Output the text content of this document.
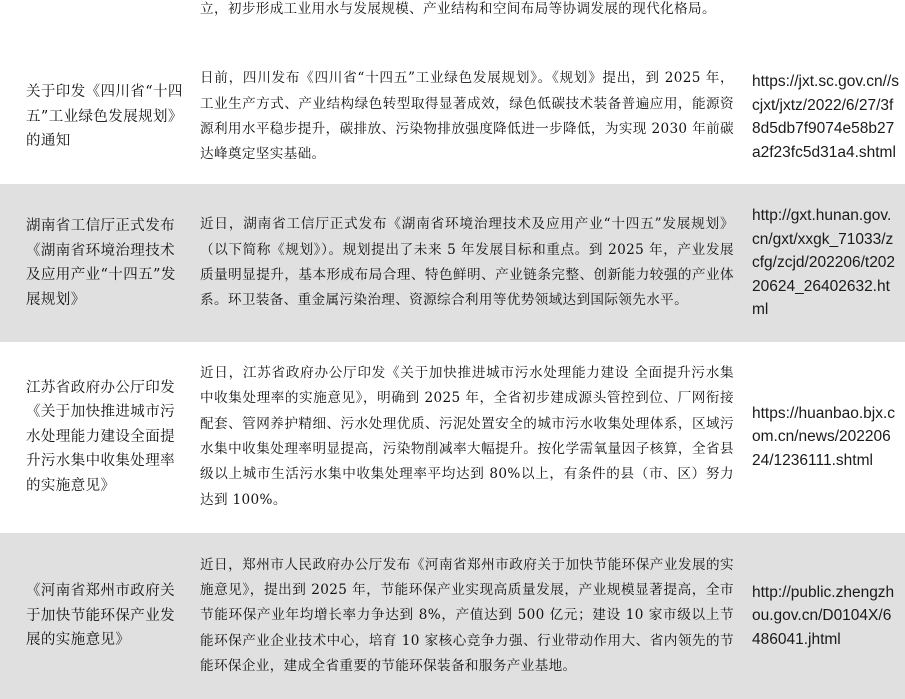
立，初步形成工业用水与发展规模、产业结构和空间布局等协调发展的现代化格局。
关于印发《四川省“十四五”工业绿色发展规划》的通知
日前，四川发布《四川省“十四五”工业绿色发展规划》。《规划》提出，到 2025 年，工业生产方式、产业结构绿色转型取得显著成效，绿色低碳技术装备普遍应用，能源资源利用水平稳步提升，碳排放、污染物排放强度降低进一步降低，为实现 2030 年前碳达峰奠定坚实基础。
https://jxt.sc.gov.cn//scjxt/jxtz/2022/6/27/3f8d5db7f9074e58b27a2f23fc5d31a4.shtml
湖南省工信厅正式发布《湖南省环境治理技术及应用产业“十四五”发展规划》
近日，湖南省工信厅正式发布《湖南省环境治理技术及应用产业“十四五”发展规划》（以下简称《规划》）。规划提出了未来 5 年发展目标和重点。到 2025 年，产业发展质量明显提升，基本形成布局合理、特色鲜明、产业链条完整、创新能力较强的产业体系。环卫装备、重金属污染治理、资源综合利用等优势领域达到国际领先水平。
http://gxt.hunan.gov.cn/gxt/xxgk_71033/zcfg/zcjd/202206/t20220624_26402632.html
江苏省政府办公厅印发《关于加快推进城市污水处理能力建设全面提升污水集中收集处理率的实施意见》
近日，江苏省政府办公厅印发《关于加快推进城市污水处理能力建设 全面提升污水集中收集处理率的实施意见》，明确到 2025 年，全省初步建成源头管控到位、厂网衔接配套、管网养护精细、污水处理优质、污泥处置安全的城市污水收集处理体系，区域污水集中收集处理率明显提高，污染物削减率大幅提升。按化学需氧量因子核算，全省县级以上城市生活污水集中收集处理率平均达到 80%以上，有条件的县（市、区）努力达到 100%。
https://huanbao.bjx.com.cn/news/20220624/1236111.shtml
《河南省郑州市政府关于加快节能环保产业发展的实施意见》
近日，郑州市人民政府办公厅发布《河南省郑州市政府关于加快节能环保产业发展的实施意见》，提出到 2025 年，节能环保产业实现高质量发展，产业规模显著提高，全市节能环保产业年均增长率力争达到 8%，产值达到 500 亿元；建设 10 家市级以上节能环保产业企业技术中心，培育 10 家核心竞争力强、行业带动作用大、省内领先的节能环保企业，建成全省重要的节能环保装备和服务产业基地。
http://public.zhengzhou.gov.cn/D0104X/6486041.jhtml
